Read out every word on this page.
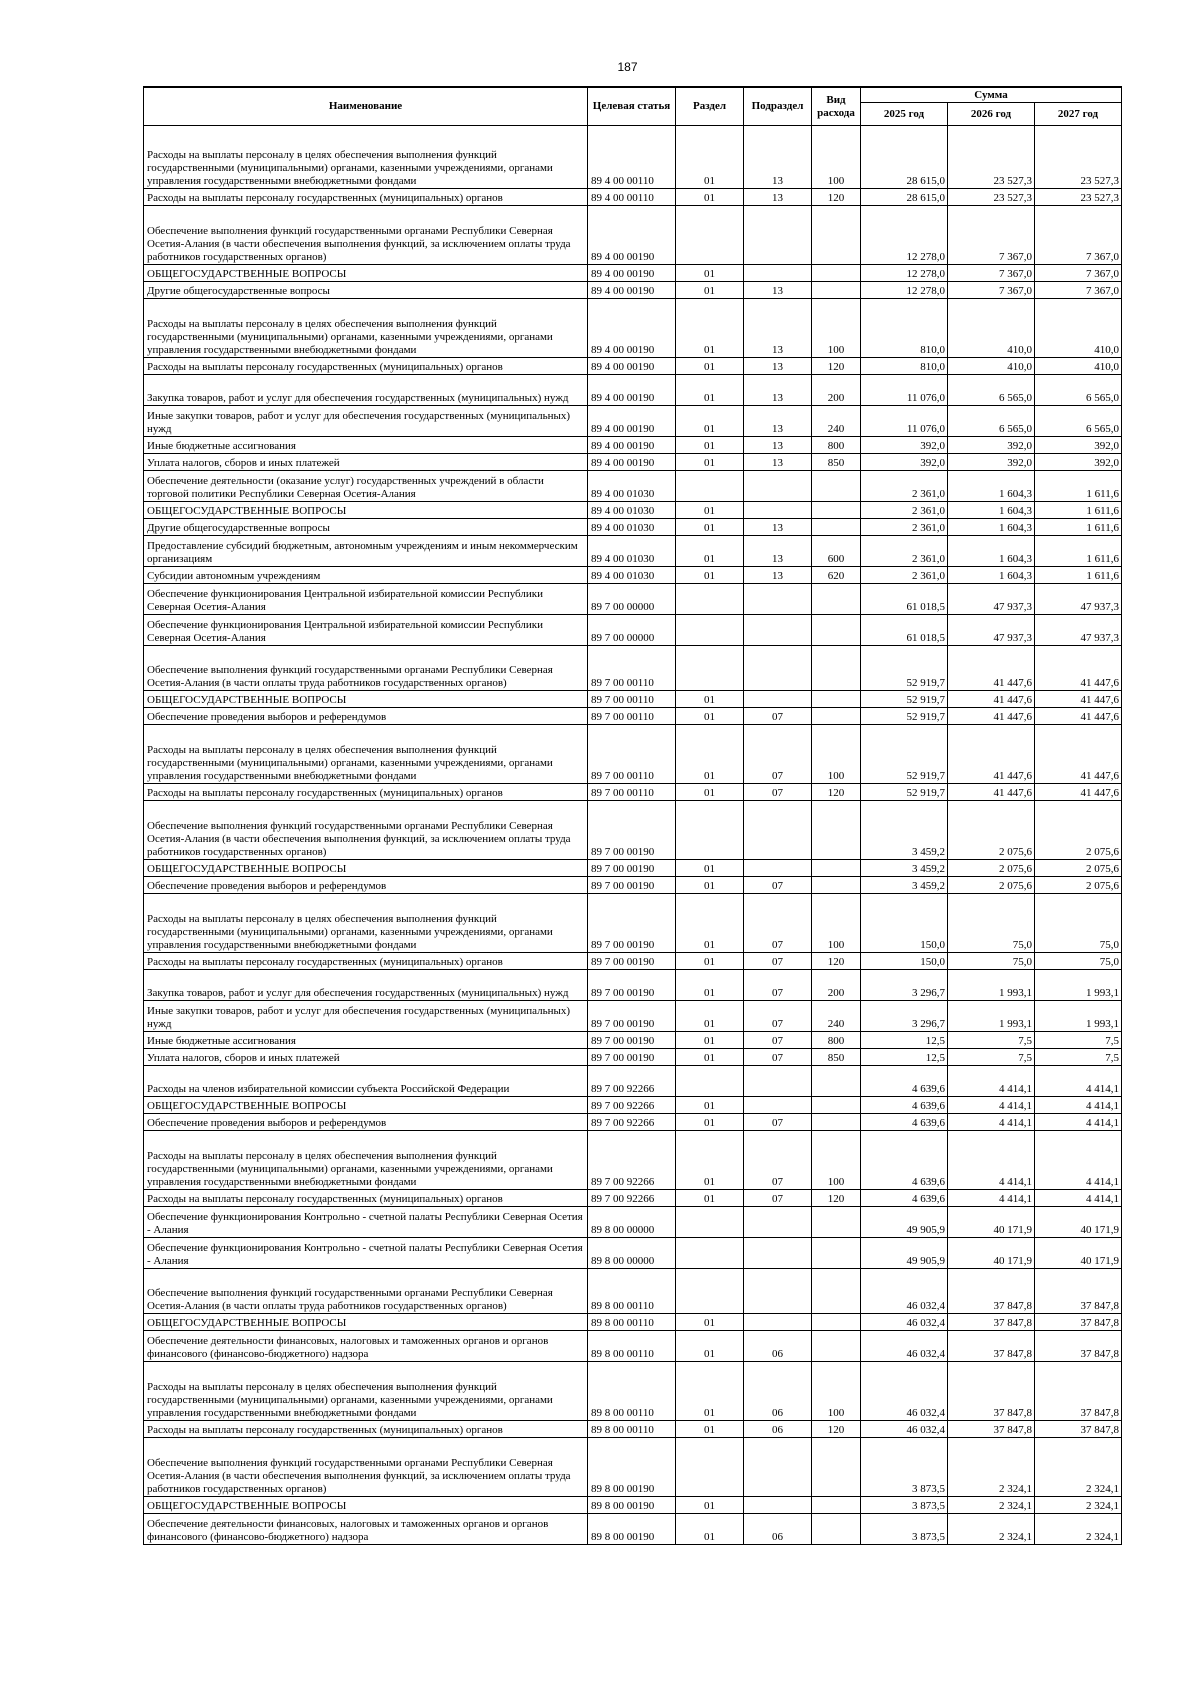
187
Наименование	Целевая статья	Раздел	Подраздел	Вид расхода	Сумма		
					2025 год	2026 год	2027 год
Расходы на выплаты персоналу в целях обеспечения выполнения функций государственными (муниципальными) органами, казенными учреждениями, органами управления государственными внебюджетными фондами	89 4 00 00110	01	13	100	28 615,0	23 527,3	23 527,3
Расходы на выплаты персоналу государственных (муниципальных) органов	89 4 00 00110	01	13	120	28 615,0	23 527,3	23 527,3
Обеспечение выполнения функций государственными органами Республики Северная Осетия-Алания (в части обеспечения выполнения функций, за исключением оплаты труда работников государственных органов)	89 4 00 00190				12 278,0	7 367,0	7 367,0
ОБЩЕГОСУДАРСТВЕННЫЕ ВОПРОСЫ	89 4 00 00190	01			12 278,0	7 367,0	7 367,0
Другие общегосударственные вопросы	89 4 00 00190	01	13		12 278,0	7 367,0	7 367,0
Расходы на выплаты персоналу в целях обеспечения выполнения функций государственными (муниципальными) органами, казенными учреждениями, органами управления государственными внебюджетными фондами	89 4 00 00190	01	13	100	810,0	410,0	410,0
Расходы на выплаты персоналу государственных (муниципальных) органов	89 4 00 00190	01	13	120	810,0	410,0	410,0
Закупка товаров, работ и услуг для обеспечения государственных (муниципальных) нужд	89 4 00 00190	01	13	200	11 076,0	6 565,0	6 565,0
Иные закупки товаров, работ и услуг для обеспечения государственных (муниципальных) нужд	89 4 00 00190	01	13	240	11 076,0	6 565,0	6 565,0
Иные бюджетные ассигнования	89 4 00 00190	01	13	800	392,0	392,0	392,0
Уплата налогов, сборов и иных платежей	89 4 00 00190	01	13	850	392,0	392,0	392,0
Обеспечение деятельности (оказание услуг) государственных учреждений в области торговой политики Республики Северная Осетия-Алания	89 4 00 01030				2 361,0	1 604,3	1 611,6
ОБЩЕГОСУДАРСТВЕННЫЕ ВОПРОСЫ	89 4 00 01030	01			2 361,0	1 604,3	1 611,6
Другие общегосударственные вопросы	89 4 00 01030	01	13		2 361,0	1 604,3	1 611,6
Предоставление субсидий бюджетным, автономным учреждениям и иным некоммерческим организациям	89 4 00 01030	01	13	600	2 361,0	1 604,3	1 611,6
Субсидии автономным учреждениям	89 4 00 01030	01	13	620	2 361,0	1 604,3	1 611,6
Обеспечение функционирования Центральной избирательной комиссии Республики Северная Осетия-Алания	89 7 00 00000				61 018,5	47 937,3	47 937,3
Обеспечение функционирования Центральной избирательной комиссии Республики Северная Осетия-Алания	89 7 00 00000				61 018,5	47 937,3	47 937,3
Обеспечение выполнения функций государственными органами Республики Северная Осетия-Алания (в части оплаты труда работников государственных органов)	89 7 00 00110				52 919,7	41 447,6	41 447,6
ОБЩЕГОСУДАРСТВЕННЫЕ ВОПРОСЫ	89 7 00 00110	01			52 919,7	41 447,6	41 447,6
Обеспечение проведения выборов и референдумов	89 7 00 00110	01	07		52 919,7	41 447,6	41 447,6
Расходы на выплаты персоналу в целях обеспечения выполнения функций государственными (муниципальными) органами, казенными учреждениями, органами управления государственными внебюджетными фондами	89 7 00 00110	01	07	100	52 919,7	41 447,6	41 447,6
Расходы на выплаты персоналу государственных (муниципальных) органов	89 7 00 00110	01	07	120	52 919,7	41 447,6	41 447,6
Обеспечение выполнения функций государственными органами Республики Северная Осетия-Алания (в части обеспечения выполнения функций, за исключением оплаты труда работников государственных органов)	89 7 00 00190				3 459,2	2 075,6	2 075,6
ОБЩЕГОСУДАРСТВЕННЫЕ ВОПРОСЫ	89 7 00 00190	01			3 459,2	2 075,6	2 075,6
Обеспечение проведения выборов и референдумов	89 7 00 00190	01	07		3 459,2	2 075,6	2 075,6
Расходы на выплаты персоналу в целях обеспечения выполнения функций государственными (муниципальными) органами, казенными учреждениями, органами управления государственными внебюджетными фондами	89 7 00 00190	01	07	100	150,0	75,0	75,0
Расходы на выплаты персоналу государственных (муниципальных) органов	89 7 00 00190	01	07	120	150,0	75,0	75,0
Закупка товаров, работ и услуг для обеспечения государственных (муниципальных) нужд	89 7 00 00190	01	07	200	3 296,7	1 993,1	1 993,1
Иные закупки товаров, работ и услуг для обеспечения государственных (муниципальных) нужд	89 7 00 00190	01	07	240	3 296,7	1 993,1	1 993,1
Иные бюджетные ассигнования	89 7 00 00190	01	07	800	12,5	7,5	7,5
Уплата налогов, сборов и иных платежей	89 7 00 00190	01	07	850	12,5	7,5	7,5
Расходы на членов избирательной комиссии субъекта Российской Федерации	89 7 00 92266				4 639,6	4 414,1	4 414,1
ОБЩЕГОСУДАРСТВЕННЫЕ ВОПРОСЫ	89 7 00 92266	01			4 639,6	4 414,1	4 414,1
Обеспечение проведения выборов и референдумов	89 7 00 92266	01	07		4 639,6	4 414,1	4 414,1
Расходы на выплаты персоналу в целях обеспечения выполнения функций государственными (муниципальными) органами, казенными учреждениями, органами управления государственными внебюджетными фондами	89 7 00 92266	01	07	100	4 639,6	4 414,1	4 414,1
Расходы на выплаты персоналу государственных (муниципальных) органов	89 7 00 92266	01	07	120	4 639,6	4 414,1	4 414,1
Обеспечение функционирования Контрольно - счетной палаты Республики Северная Осетия - Алания	89 8 00 00000				49 905,9	40 171,9	40 171,9
Обеспечение функционирования Контрольно - счетной палаты Республики Северная Осетия - Алания	89 8 00 00000				49 905,9	40 171,9	40 171,9
Обеспечение выполнения функций государственными органами Республики Северная Осетия-Алания (в части оплаты труда работников государственных органов)	89 8 00 00110				46 032,4	37 847,8	37 847,8
ОБЩЕГОСУДАРСТВЕННЫЕ ВОПРОСЫ	89 8 00 00110	01			46 032,4	37 847,8	37 847,8
Обеспечение деятельности финансовых, налоговых и таможенных органов и органов финансового (финансово-бюджетного) надзора	89 8 00 00110	01	06		46 032,4	37 847,8	37 847,8
Расходы на выплаты персоналу в целях обеспечения выполнения функций государственными (муниципальными) органами, казенными учреждениями, органами управления государственными внебюджетными фондами	89 8 00 00110	01	06	100	46 032,4	37 847,8	37 847,8
Расходы на выплаты персоналу государственных (муниципальных) органов	89 8 00 00110	01	06	120	46 032,4	37 847,8	37 847,8
Обеспечение выполнения функций государственными органами Республики Северная Осетия-Алания (в части обеспечения выполнения функций, за исключением оплаты труда работников государственных органов)	89 8 00 00190				3 873,5	2 324,1	2 324,1
ОБЩЕГОСУДАРСТВЕННЫЕ ВОПРОСЫ	89 8 00 00190	01			3 873,5	2 324,1	2 324,1
Обеспечение деятельности финансовых, налоговых и таможенных органов и органов финансового (финансово-бюджетного) надзора	89 8 00 00190	01	06		3 873,5	2 324,1	2 324,1
